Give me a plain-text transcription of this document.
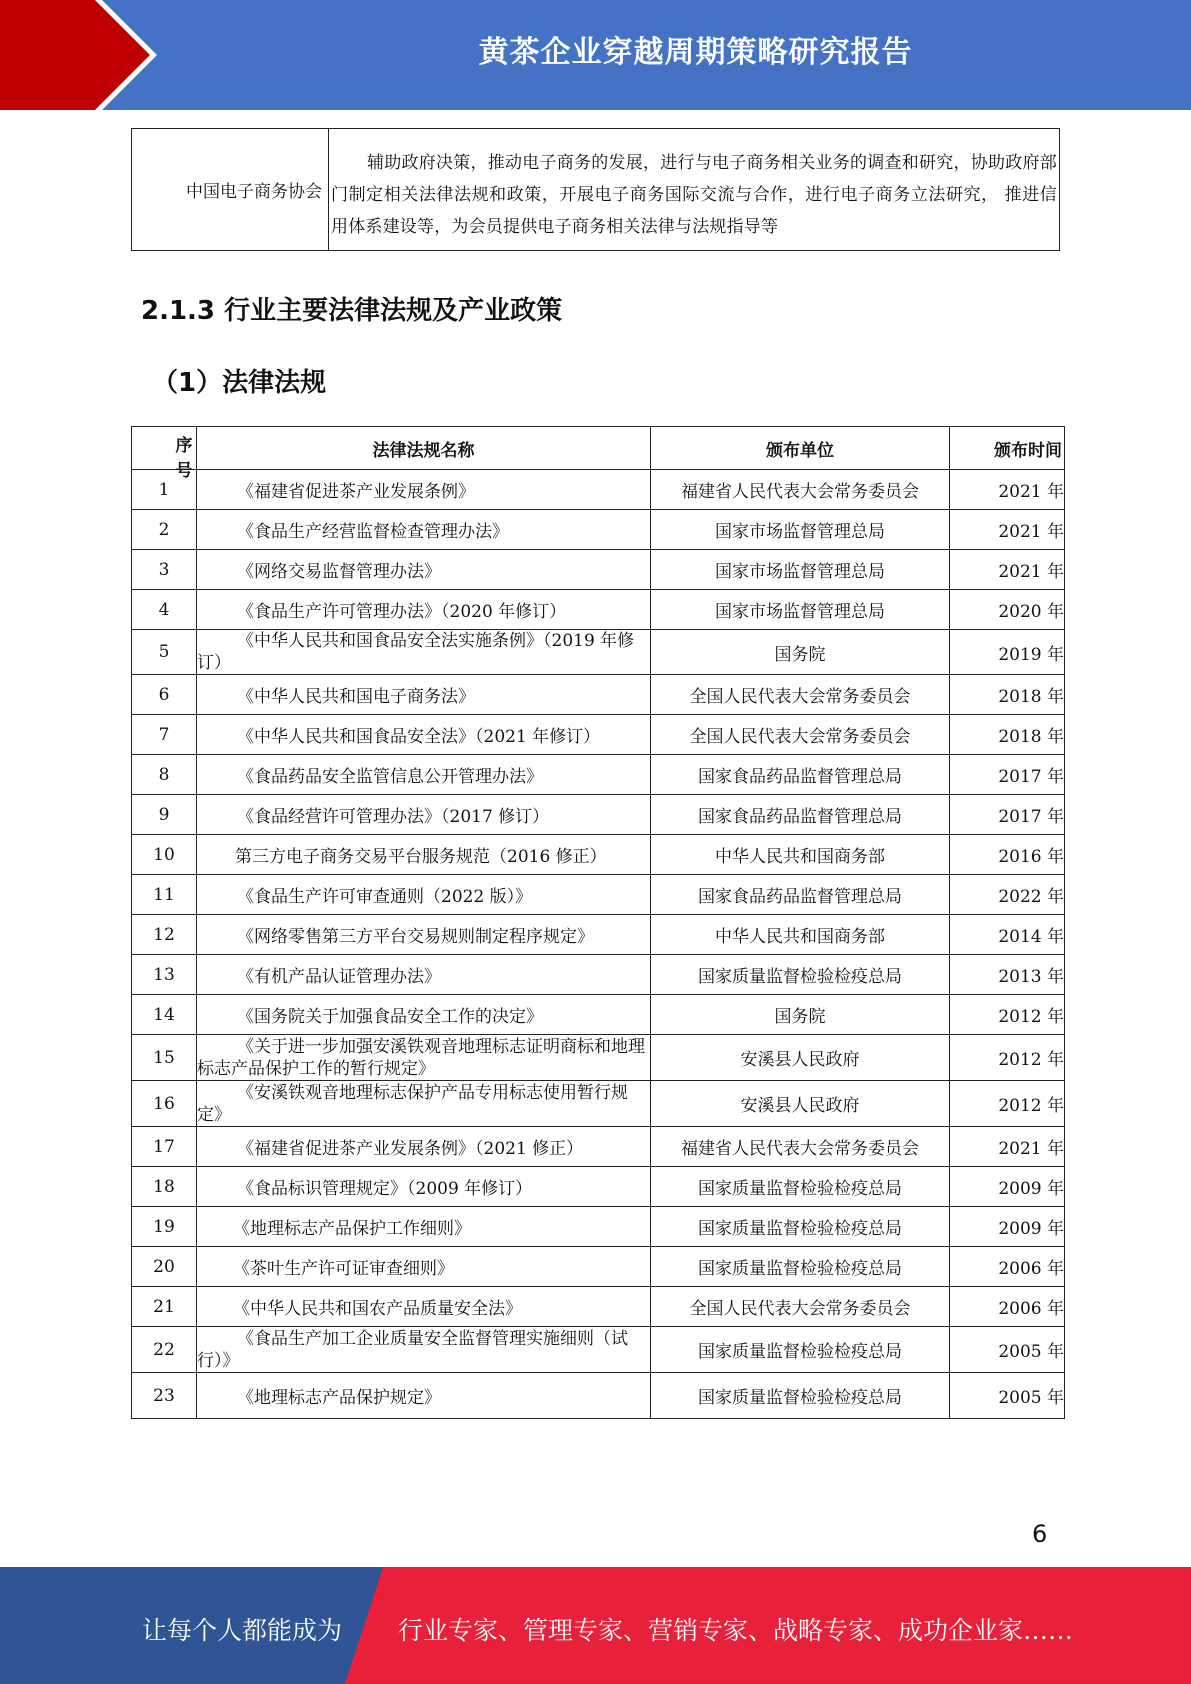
黄茶企业穿越周期策略研究报告
中国电子商务协会
辅助政府决策，推动电子商务的发展，进行与电子商务相关业务的调查和研究，协助政府部门制定相关法律法规和政策，开展电子商务国际交流与合作，进行电子商务立法研究， 推进信用体系建设等，为会员提供电子商务相关法律与法规指导等
2.1.3 行业主要法律法规及产业政策
（1）法律法规
序号	法律法规名称	颁布单位	颁布时间
1	《福建省促进茶产业发展条例》	福建省人民代表大会常务委员会	2021 年
2	《食品生产经营监督检查管理办法》	国家市场监督管理总局	2021 年
3	《网络交易监督管理办法》	国家市场监督管理总局	2021 年
4	《食品生产许可管理办法》（2020 年修订）	国家市场监督管理总局	2020 年
5	《中华人民共和国食品安全法实施条例》（2019 年修订）	国务院	2019 年
6	《中华人民共和国电子商务法》	全国人民代表大会常务委员会	2018 年
7	《中华人民共和国食品安全法》（2021 年修订）	全国人民代表大会常务委员会	2018 年
8	《食品药品安全监管信息公开管理办法》	国家食品药品监督管理总局	2017 年
9	《食品经营许可管理办法》（2017 修订）	国家食品药品监督管理总局	2017 年
10	第三方电子商务交易平台服务规范（2016 修正）	中华人民共和国商务部	2016 年
11	《食品生产许可审查通则（2022 版）》	国家食品药品监督管理总局	2022 年
12	《网络零售第三方平台交易规则制定程序规定》	中华人民共和国商务部	2014 年
13	《有机产品认证管理办法》	国家质量监督检验检疫总局	2013 年
14	《国务院关于加强食品安全工作的决定》	国务院	2012 年
15	《关于进一步加强安溪铁观音地理标志证明商标和地理 标志产品保护工作的暂行规定》	安溪县人民政府	2012 年
16	《安溪铁观音地理标志保护产品专用标志使用暂行规定》	安溪县人民政府	2012 年
17	《福建省促进茶产业发展条例》（2021 修正）	福建省人民代表大会常务委员会	2021 年
18	《食品标识管理规定》（2009 年修订）	国家质量监督检验检疫总局	2009 年
19	《地理标志产品保护工作细则》	国家质量监督检验检疫总局	2009 年
20	《茶叶生产许可证审查细则》	国家质量监督检验检疫总局	2006 年
21	《中华人民共和国农产品质量安全法》	全国人民代表大会常务委员会	2006 年
22	《食品生产加工企业质量安全监督管理实施细则（试行）》	国家质量监督检验检疫总局	2005 年
23	《地理标志产品保护规定》	国家质量监督检验检疫总局	2005 年
6
让每个人都能成为 行业专家、管理专家、营销专家、战略专家、成功企业家……
